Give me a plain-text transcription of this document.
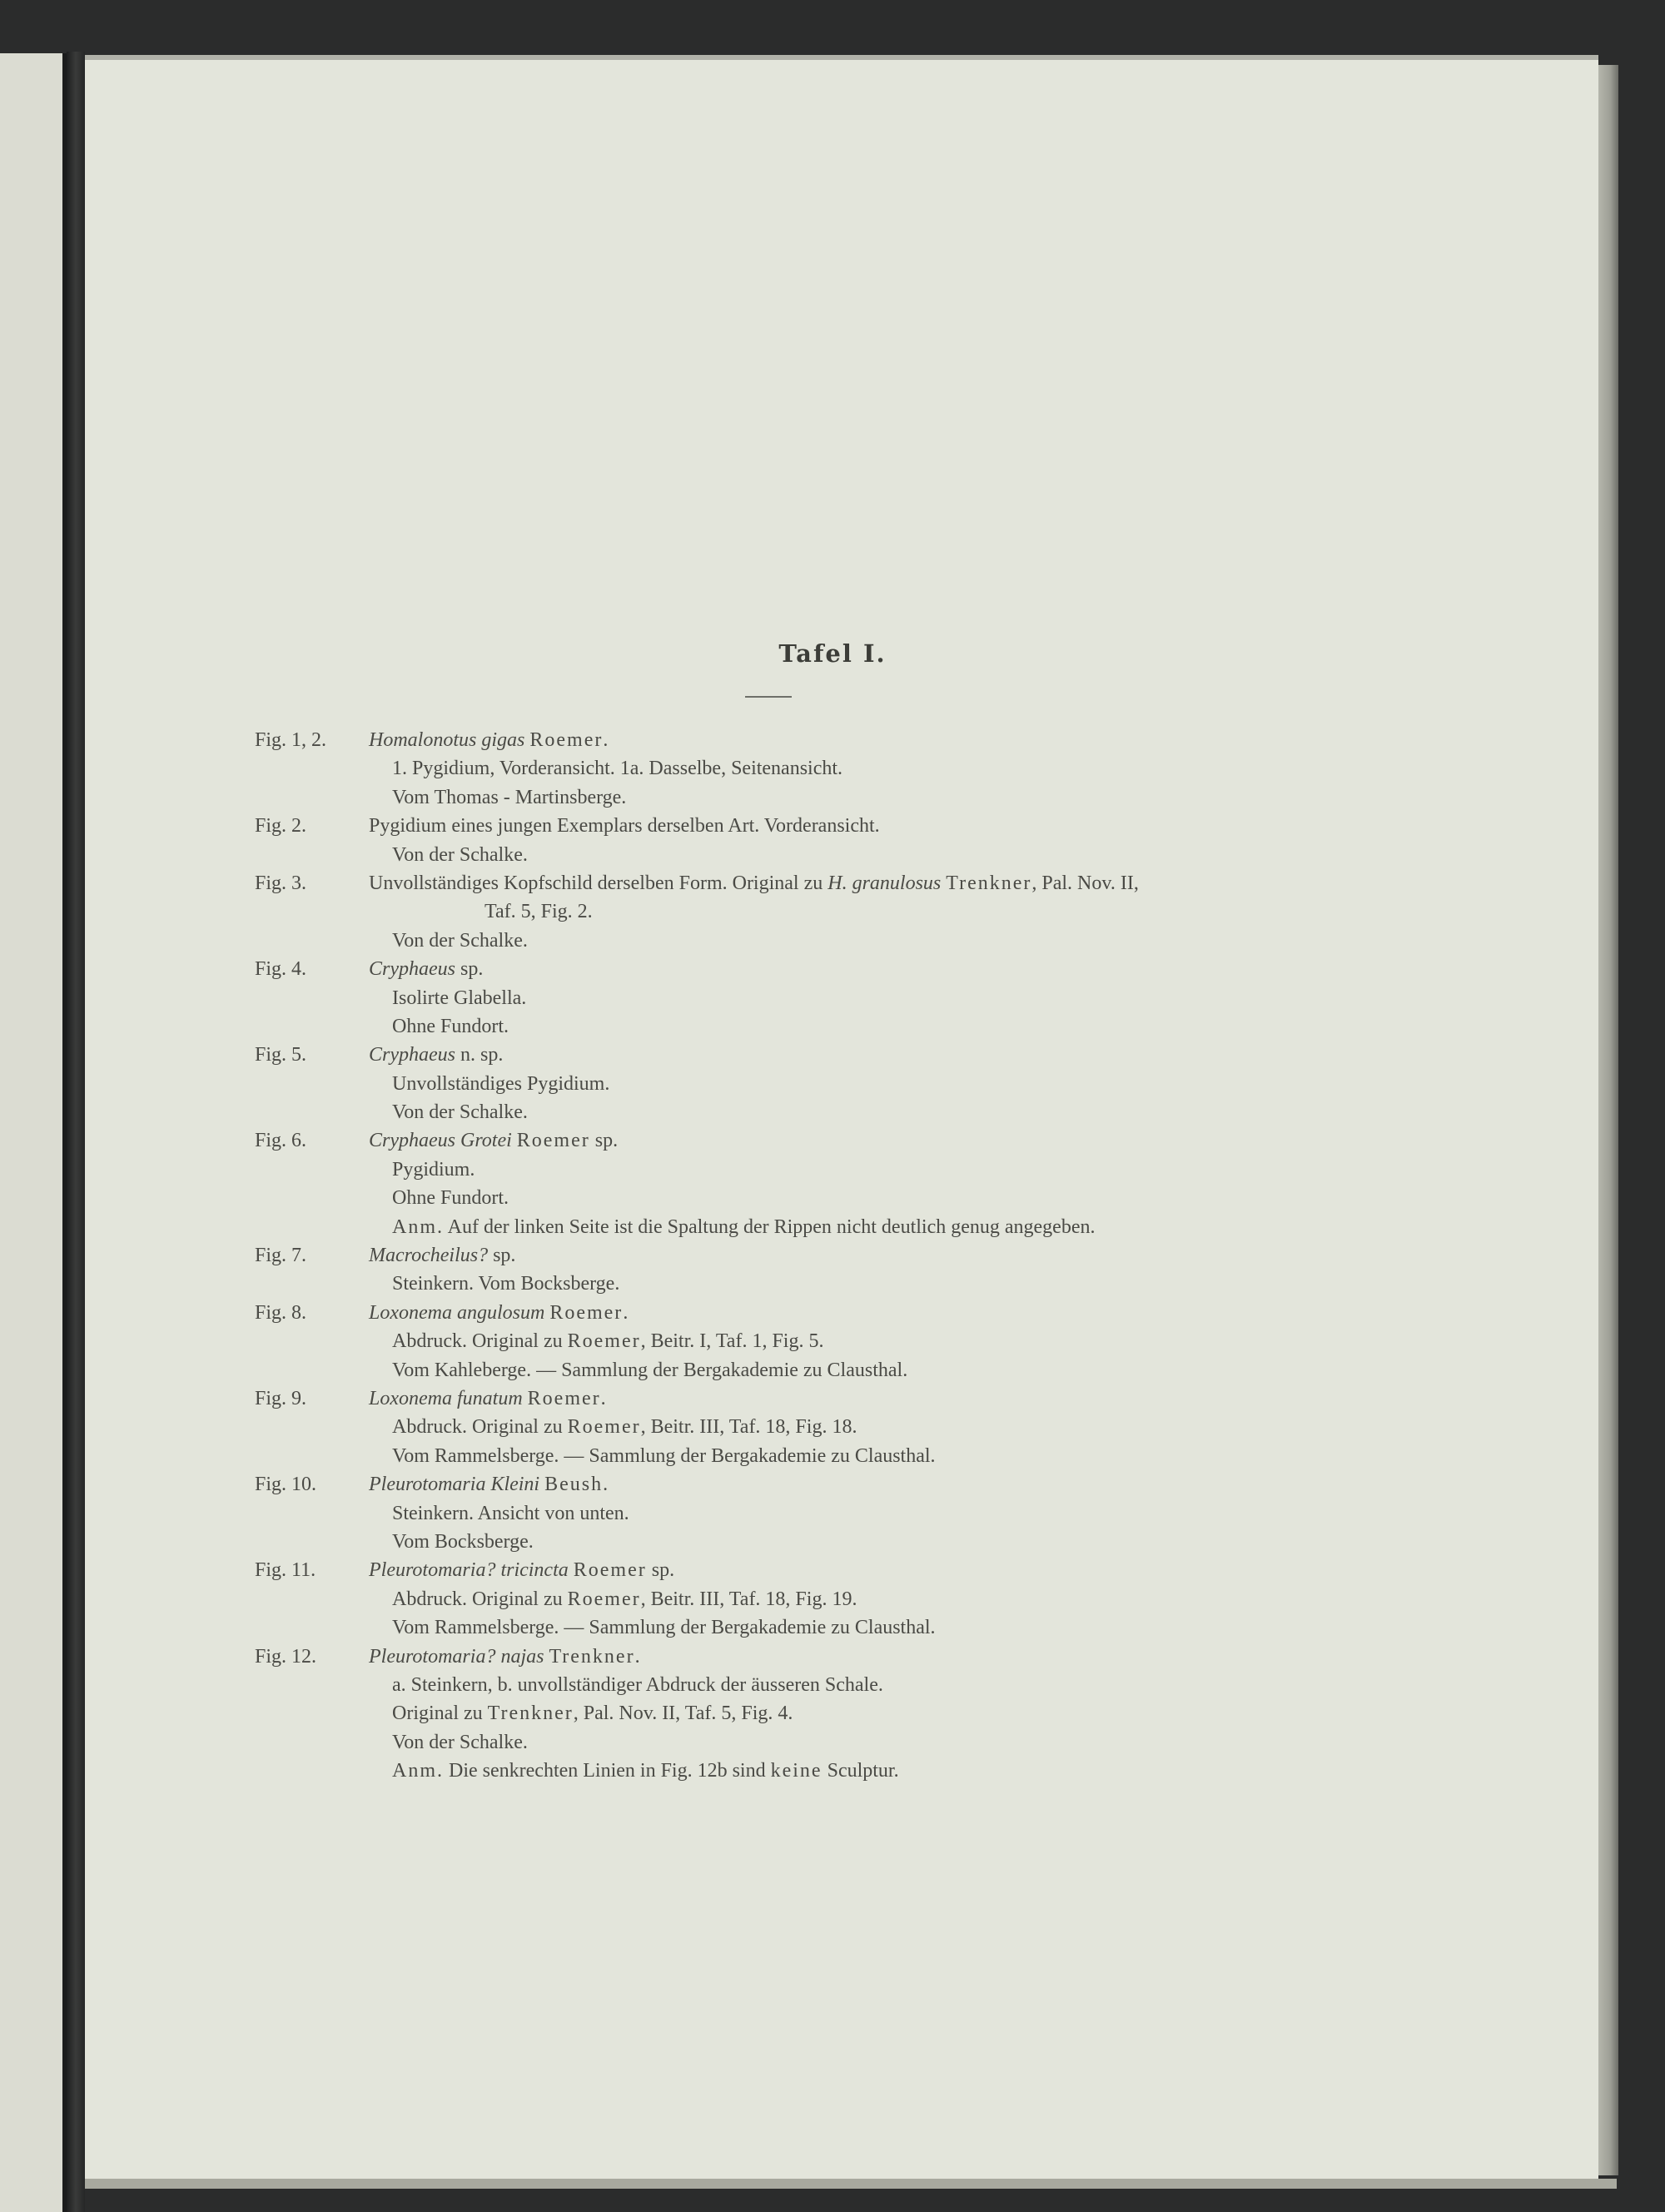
Tafel I.
Fig. 1, 2. Homalonotus gigas Roemer.
1. Pygidium, Vorderansicht. 1a. Dasselbe, Seitenansicht.
Vom Thomas - Martinsberge.
Fig. 2.	Pygidium eines jungen Exemplars derselben Art. Vorderansicht.
Von der Schalke.
Fig. 3.	Unvollständiges Kopfschild derselben Form. Original zu H. granulosus Trenkner, Pal. Nov. II,
Taf. 5, Fig. 2.
Von der Schalke.
Fig. 4.	Cryphaeus sp.
Isolirte Glabella.
Ohne Fundort.
Fig. 5.	Cryphaeus n. sp.
Unvollständiges Pygidium.
Von der Schalke.
Fig. 6.	Cryphaeus Grotei Roemer sp.
Pygidium.
Ohne Fundort.
Anm. Auf der linken Seite ist die Spaltung der Rippen nicht deutlich genug angegeben.
Fig. 7.	Macrocheilus? sp.
Steinkern. Vom Bocksberge.
Fig. 8.	Loxonema angulosum Roemer.
Abdruck. Original zu Roemer, Beitr. I, Taf. 1, Fig. 5.
Vom Kahleberge. — Sammlung der Bergakademie zu Clausthal.
Fig. 9.	Loxonema funatum Roemer.
Abdruck. Original zu Roemer, Beitr. III, Taf. 18, Fig. 18.
Vom Rammelsberge. — Sammlung der Bergakademie zu Clausthal.
Fig. 10.	Pleurotomaria Kleini Beush.
Steinkern. Ansicht von unten.
Vom Bocksberge.
Fig. 11.	Pleurotomaria? tricincta Roemer sp.
Abdruck. Original zu Roemer, Beitr. III, Taf. 18, Fig. 19.
Vom Rammelsberge. — Sammlung der Bergakademie zu Clausthal.
Fig. 12.	Pleurotomaria? najas Trenkner.
a. Steinkern, b. unvollständiger Abdruck der äusseren Schale.
Original zu Trenkner, Pal. Nov. II, Taf. 5, Fig. 4.
Von der Schalke.
Anm. Die senkrechten Linien in Fig. 12b sind keine Sculptur.
